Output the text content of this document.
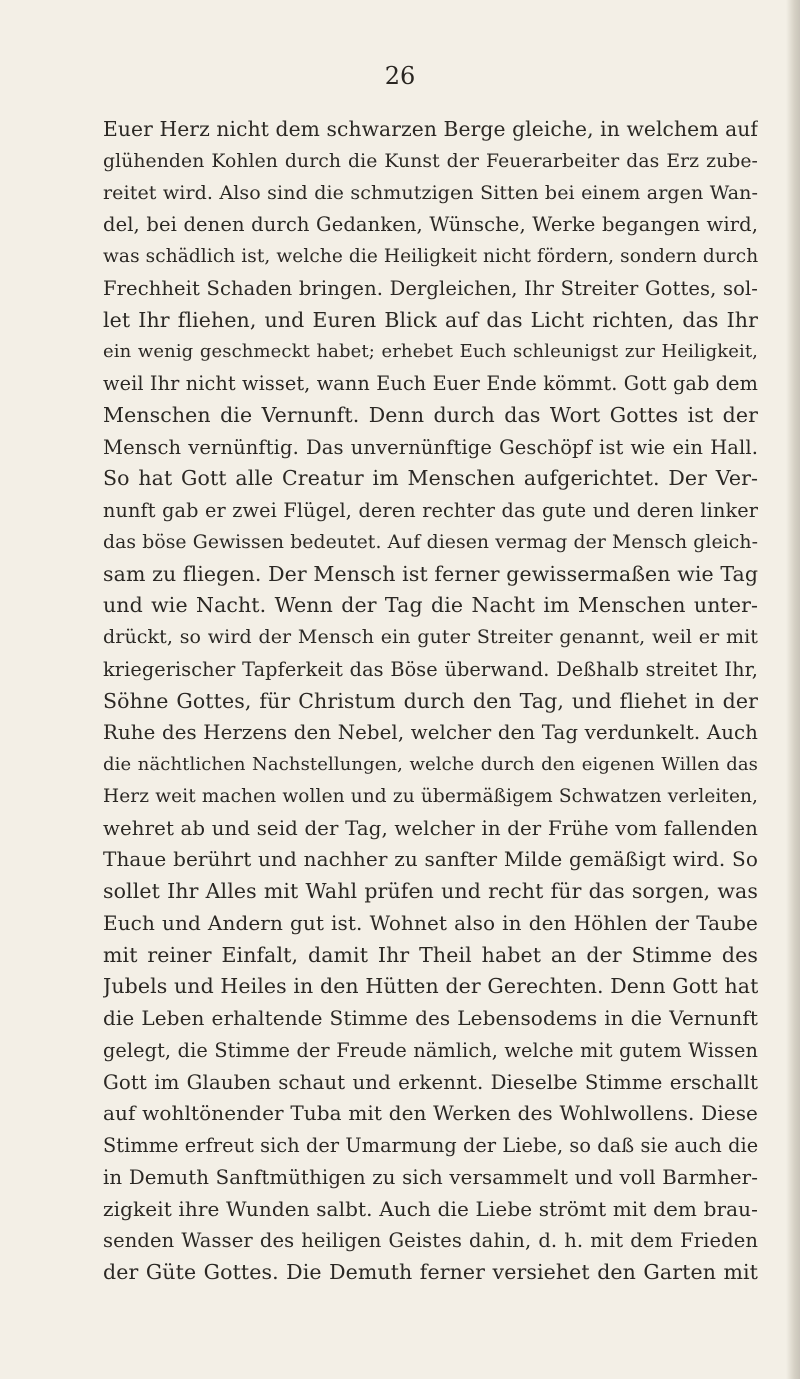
26
Euer Herz nicht dem schwarzen Berge gleiche, in welchem auf
glühenden Kohlen durch die Kunst der Feuerarbeiter das Erz zube-
reitet wird. Also sind die schmutzigen Sitten bei einem argen Wan-
del, bei denen durch Gedanken, Wünsche, Werke begangen wird,
was schädlich ist, welche die Heiligkeit nicht fördern, sondern durch
Frechheit Schaden bringen. Dergleichen, Ihr Streiter Gottes, sol-
let Ihr fliehen, und Euren Blick auf das Licht richten, das Ihr
ein wenig geschmeckt habet; erhebet Euch schleunigst zur Heiligkeit,
weil Ihr nicht wisset, wann Euch Euer Ende kömmt. Gott gab dem
Menschen die Vernunft. Denn durch das Wort Gottes ist der
Mensch vernünftig. Das unvernünftige Geschöpf ist wie ein Hall.
So hat Gott alle Creatur im Menschen aufgerichtet. Der Ver-
nunft gab er zwei Flügel, deren rechter das gute und deren linker
das böse Gewissen bedeutet. Auf diesen vermag der Mensch gleich-
sam zu fliegen. Der Mensch ist ferner gewissermaßen wie Tag
und wie Nacht. Wenn der Tag die Nacht im Menschen unter-
drückt, so wird der Mensch ein guter Streiter genannt, weil er mit
kriegerischer Tapferkeit das Böse überwand. Deßhalb streitet Ihr,
Söhne Gottes, für Christum durch den Tag, und fliehet in der
Ruhe des Herzens den Nebel, welcher den Tag verdunkelt. Auch
die nächtlichen Nachstellungen, welche durch den eigenen Willen das
Herz weit machen wollen und zu übermäßigem Schwatzen verleiten,
wehret ab und seid der Tag, welcher in der Frühe vom fallenden
Thaue berührt und nachher zu sanfter Milde gemäßigt wird. So
sollet Ihr Alles mit Wahl prüfen und recht für das sorgen, was
Euch und Andern gut ist. Wohnet also in den Höhlen der Taube
mit reiner Einfalt, damit Ihr Theil habet an der Stimme des
Jubels und Heiles in den Hütten der Gerechten. Denn Gott hat
die Leben erhaltende Stimme des Lebensodems in die Vernunft
gelegt, die Stimme der Freude nämlich, welche mit gutem Wissen
Gott im Glauben schaut und erkennt. Dieselbe Stimme erschallt
auf wohltönender Tuba mit den Werken des Wohlwollens. Diese
Stimme erfreut sich der Umarmung der Liebe, so daß sie auch die
in Demuth Sanftmüthigen zu sich versammelt und voll Barmher-
zigkeit ihre Wunden salbt. Auch die Liebe strömt mit dem brau-
senden Wasser des heiligen Geistes dahin, d. h. mit dem Frieden
der Güte Gottes. Die Demuth ferner versiehet den Garten mit
